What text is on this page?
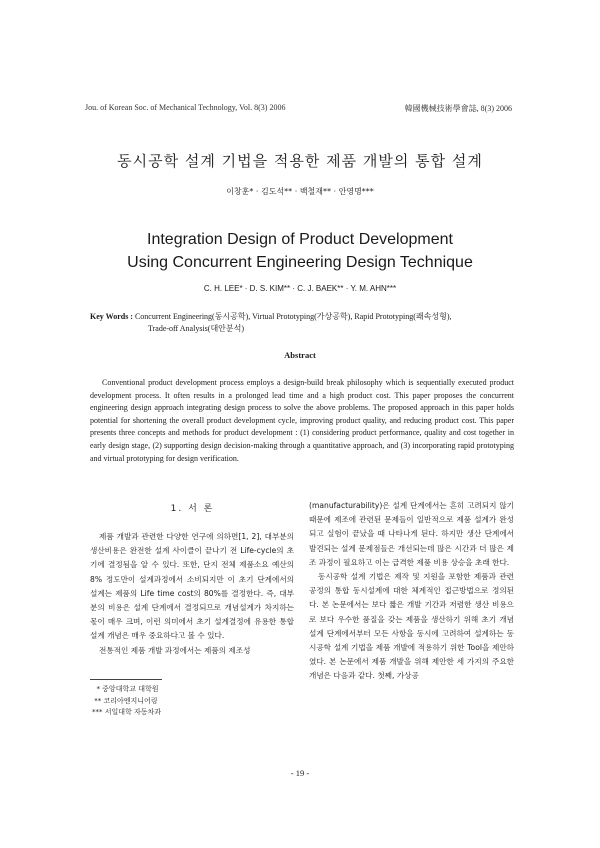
Jou. of Korean Soc. of Mechanical Technology, Vol. 8(3) 2006	韓國機械技術學會誌, 8(3) 2006
동시공학 설계 기법을 적용한 제품 개발의 통합 설계
이창훈* · 김도석** · 백철재** · 안영명***
Integration Design of Product Development
Using Concurrent Engineering Design Technique
C. H. LEE* · D. S. KIM** · C. J. BAEK** · Y. M. AHN***
Key Words : Concurrent Engineering(동시공학), Virtual Prototyping(가상공학), Rapid Prototyping(쾌속성형),
Trade-off Analysis(대안분석)
Abstract
Conventional product development process employs a design-build break philosophy which is sequentially executed product development process. It often results in a prolonged lead time and a high product cost. This paper proposes the concurrent engineering design approach integrating design process to solve the above problems. The proposed approach in this paper holds potential for shortening the overall product development cycle, improving product quality, and reducing product cost. This paper presents three concepts and methods for product development : (1) considering product performance, quality and cost together in early design stage, (2) supporting design decision-making through a quantitative approach, and (3) incorporating rapid prototyping and virtual prototyping for design verification.
1. 서 론

제품 개발과 관련한 다양한 연구에 의하면[1, 2], 대부분의 생산비용은 완전한 설계 사이클이 끝나기 전 Life-cycle의 초기에 결정됨을 알 수 있다. 또한, 단지 전체 제품소요 예산의 8% 정도만이 설계과정에서 소비되지만 이 초기 단계에서의 설계는 제품의 Life time cost의 80%를 결정한다. 즉, 대부분의 비용은 설계 단계에서 결정되므로 개념설계가 차지하는 몫이 매우 크며, 이런 의미에서 초기 설계결정에 유용한 통합설계 개념은 매우 중요하다고 볼 수 있다.

전통적인 제품 개발 과정에서는 제품의 제조성

(manufacturability)은 설계 단계에서는 흔히 고려되지 않기 때문에 제조에 관련된 문제들이 일반적으로 제품 설계가 완성되고 실험이 끝났을 때 나타나게 된다. 하지만 생산 단계에서 발견되는 설계 문제점들은 개선되는데 많은 시간과 더 많은 제조 과정이 필요하고 이는 급격한 제품 비용 상승을 초래 한다.

동시공학 설계 기법은 제작 및 지원을 포함한 제품과 관련 공정의 통합 동시설계에 대한 체계적인 접근방법으로 정의된다. 본 논문에서는 보다 짧은 개발 기간과 저렴한 생산 비용으로 보다 우수한 품질을 갖는 제품을 생산하기 위해 초기 개념 설계 단계에서부터 모든 사항을 동시에 고려하여 설계하는 동시공학 설계 기법을 제품 개발에 적용하기 위한 Tool을 제안하였다. 본 논문에서 제품 개발을 위해 제안한 세 가지의 주요한 개념은 다음과 같다. 첫째, 가상공

* 중앙대학교 대학원
** 코리아엔지니어링
*** 서일대학 자동차과
- 19 -
